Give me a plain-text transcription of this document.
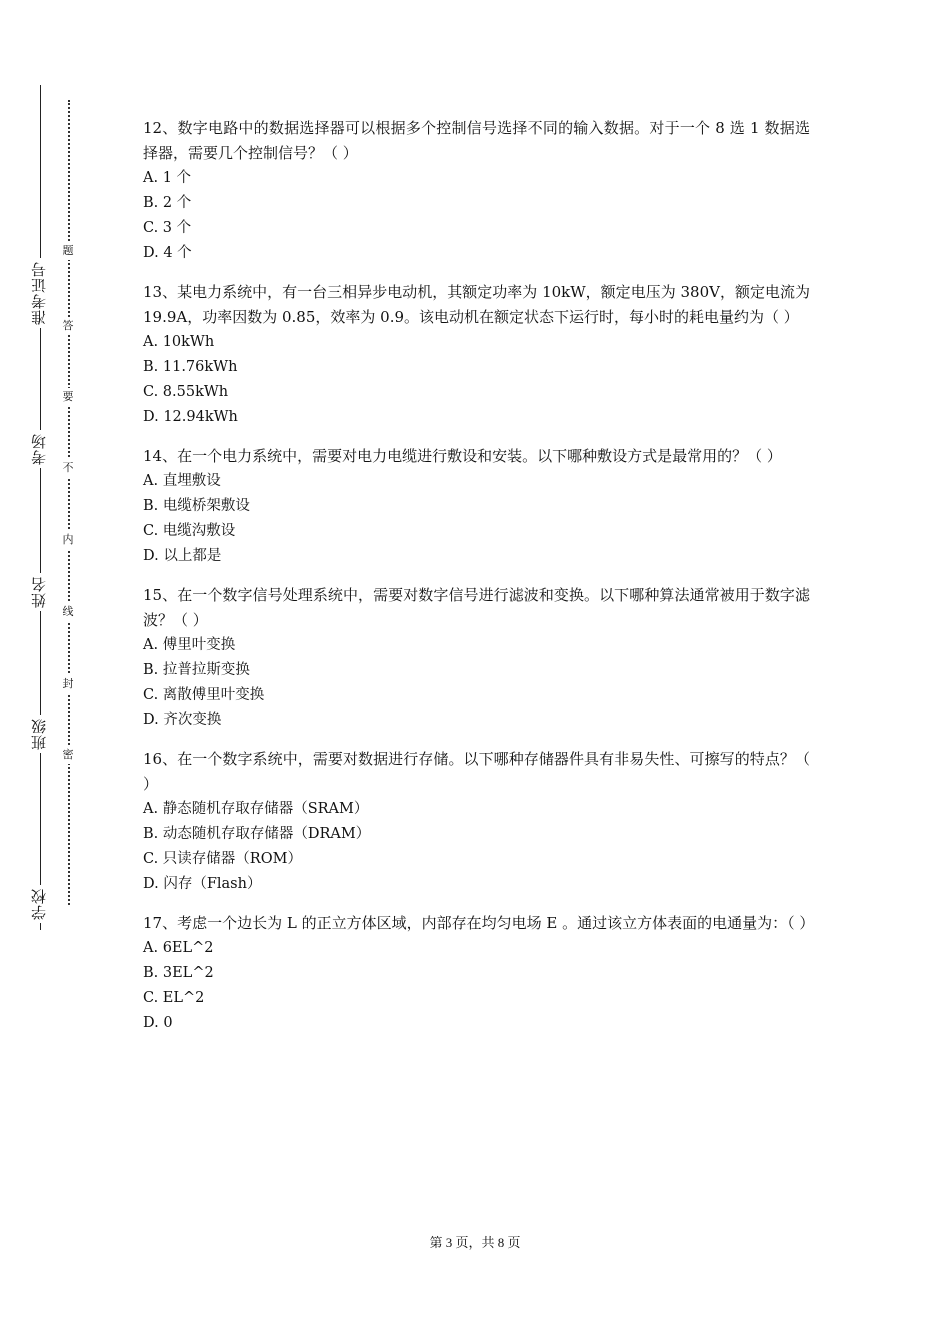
准考证号
考场
姓名
班级
学校
题
答
要
不
内
线
封
密
12、数字电路中的数据选择器可以根据多个控制信号选择不同的输入数据。对于一个 8 选 1 数据选择器，需要几个控制信号？（ ）
A. 1 个
B. 2 个
C. 3 个
D. 4 个
13、某电力系统中，有一台三相异步电动机，其额定功率为 10kW，额定电压为 380V，额定电流为 19.9A，功率因数为 0.85，效率为 0.9。该电动机在额定状态下运行时，每小时的耗电量约为（ ）
A. 10kWh
B. 11.76kWh
C. 8.55kWh
D. 12.94kWh
14、在一个电力系统中，需要对电力电缆进行敷设和安装。以下哪种敷设方式是最常用的？（ ）
A. 直埋敷设
B. 电缆桥架敷设
C. 电缆沟敷设
D. 以上都是
15、在一个数字信号处理系统中，需要对数字信号进行滤波和变换。以下哪种算法通常被用于数字滤波？（ ）
A. 傅里叶变换
B. 拉普拉斯变换
C. 离散傅里叶变换
D. 齐次变换
16、在一个数字系统中，需要对数据进行存储。以下哪种存储器件具有非易失性、可擦写的特点？（ ）
A. 静态随机存取存储器（SRAM）
B. 动态随机存取存储器（DRAM）
C. 只读存储器（ROM）
D. 闪存（Flash）
17、考虑一个边长为 L 的正立方体区域，内部存在均匀电场 E 。通过该立方体表面的电通量为：（ ）
A. 6EL^2
B. 3EL^2
C. EL^2
D. 0
第 3 页，共 8 页
